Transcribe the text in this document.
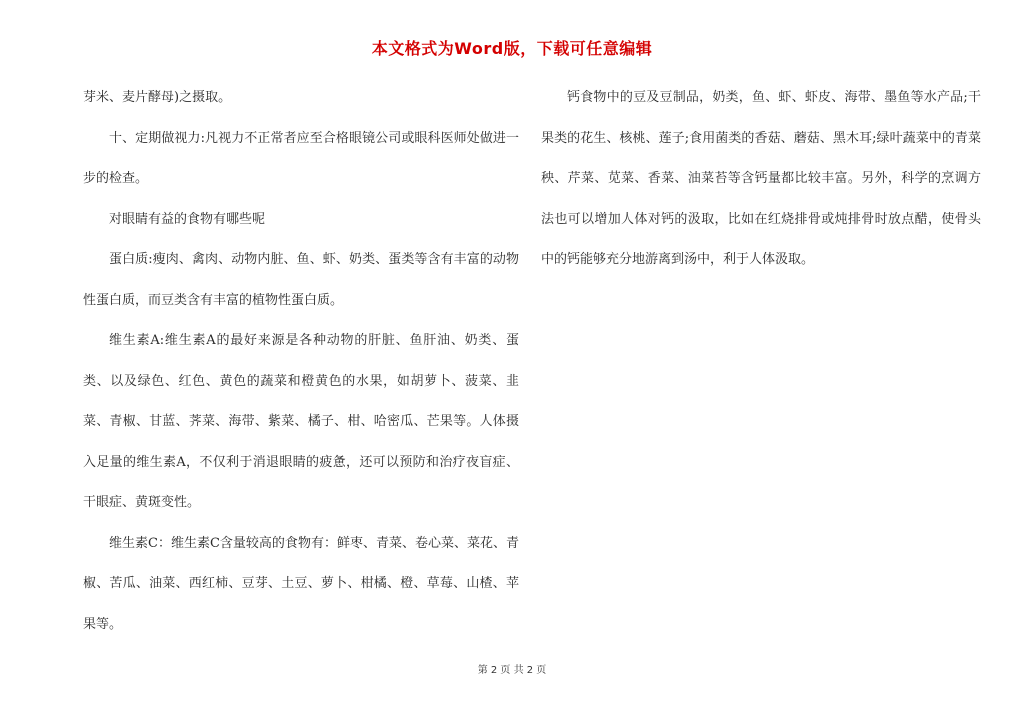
本文格式为Word版，下载可任意编辑

芽米、麦片酵母)之摄取。

十、定期做视力:凡视力不正常者应至合格眼镜公司或眼科医师处做进一步的检查。

对眼睛有益的食物有哪些呢

蛋白质:瘦肉、禽肉、动物内脏、鱼、虾、奶类、蛋类等含有丰富的动物性蛋白质，而豆类含有丰富的植物性蛋白质。

维生素A:维生素A的最好来源是各种动物的肝脏、鱼肝油、奶类、蛋类、以及绿色、红色、黄色的蔬菜和橙黄色的水果，如胡萝卜、菠菜、韭菜、青椒、甘蓝、荠菜、海带、紫菜、橘子、柑、哈密瓜、芒果等。人体摄入足量的维生素A，不仅利于消退眼睛的疲惫，还可以预防和治疗夜盲症、干眼症、黄斑变性。

维生素C：维生素C含量较高的食物有：鲜枣、青菜、卷心菜、菜花、青椒、苦瓜、油菜、西红柿、豆芽、土豆、萝卜、柑橘、橙、草莓、山楂、苹果等。

钙食物中的豆及豆制品，奶类，鱼、虾、虾皮、海带、墨鱼等水产品;干果类的花生、核桃、莲子;食用菌类的香菇、蘑菇、黑木耳;绿叶蔬菜中的青菜秧、芹菜、苋菜、香菜、油菜苔等含钙量都比较丰富。另外，科学的烹调方法也可以增加人体对钙的汲取，比如在红烧排骨或炖排骨时放点醋，使骨头中的钙能够充分地游离到汤中，利于人体汲取。

第 2 页 共 2 页
